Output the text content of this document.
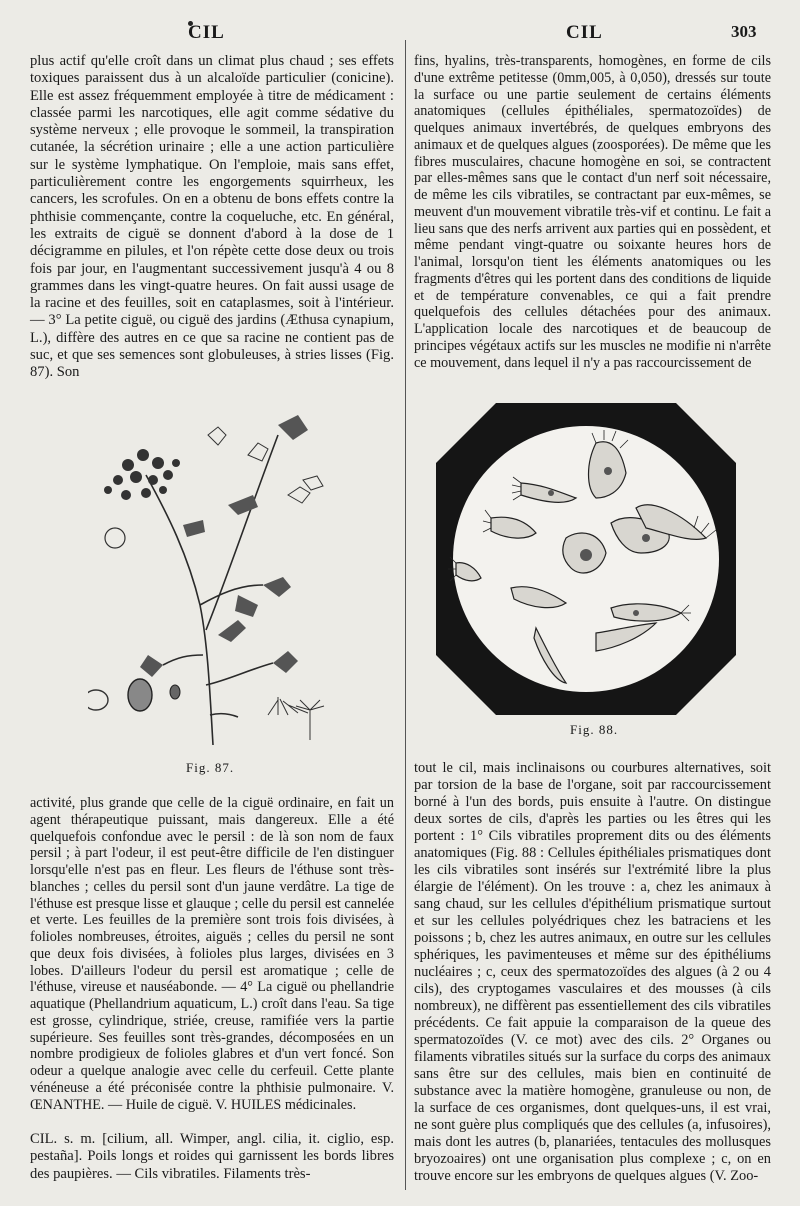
CIL	CIL	303

plus actif qu'elle croît dans un climat plus chaud ; ses effets toxiques paraissent dus à un alcaloïde particulier (conicine). Elle est assez fréquemment employée à titre de médicament : classée parmi les narcotiques, elle agit comme sédative du système nerveux ; elle provoque le sommeil, la transpiration cutanée, la sécrétion urinaire ; elle a une action particulière sur le système lymphatique. On l'emploie, mais sans effet, particulièrement contre les engorgements squirrheux, les cancers, les scrofules. On en a obtenu de bons effets contre la phthisie commençante, contre la coqueluche, etc. En général, les extraits de ciguë se donnent d'abord à la dose de 1 décigramme en pilules, et l'on répète cette dose deux ou trois fois par jour, en l'augmentant successivement jusqu'à 4 ou 8 grammes dans les vingt-quatre heures. On fait aussi usage de la racine et des feuilles, soit en cataplasmes, soit à l'intérieur. — 3° La petite ciguë, ou ciguë des jardins (Æthusa cynapium, L.), diffère des autres en ce que sa racine ne contient pas de suc, et que ses semences sont globuleuses, à stries lisses (Fig. 87). Son

Fig. 87.

activité, plus grande que celle de la ciguë ordinaire, en fait un agent thérapeutique puissant, mais dangereux. Elle a été quelquefois confondue avec le persil : de là son nom de faux persil ; à part l'odeur, il est peut-être difficile de l'en distinguer lorsqu'elle n'est pas en fleur. Les fleurs de l'éthuse sont très-blanches ; celles du persil sont d'un jaune verdâtre. La tige de l'éthuse est presque lisse et glauque ; celle du persil est cannelée et verte. Les feuilles de la première sont trois fois divisées, à folioles nombreuses, étroites, aiguës ; celles du persil ne sont que deux fois divisées, à folioles plus larges, divisées en 3 lobes. D'ailleurs l'odeur du persil est aromatique ; celle de l'éthuse, vireuse et nauséabonde. — 4° La ciguë ou phellandrie aquatique (Phellandrium aquaticum, L.) croît dans l'eau. Sa tige est grosse, cylindrique, striée, creuse, ramifiée vers la partie supérieure. Ses feuilles sont très-grandes, décomposées en un nombre prodigieux de folioles glabres et d'un vert foncé. Son odeur a quelque analogie avec celle du cerfeuil. Cette plante vénéneuse a été préconisée contre la phthisie pulmonaire. V. ŒNANTHE. — Huile de ciguë. V. HUILES médicinales.

CIL. s. m. [cilium, all. Wimper, angl. cilia, it. ciglio, esp. pestaña]. Poils longs et roides qui garnissent les bords libres des paupières. — Cils vibratiles. Filaments très-

fins, hyalins, très-transparents, homogènes, en forme de cils d'une extrême petitesse (0mm,005, à 0,050), dressés sur toute la surface ou une partie seulement de certains éléments anatomiques (cellules épithéliales, spermatozoïdes) de quelques animaux invertébrés, de quelques embryons des animaux et de quelques algues (zoosporées). De même que les fibres musculaires, chacune homogène en soi, se contractent par elles-mêmes sans que le contact d'un nerf soit nécessaire, de même les cils vibratiles, se contractant par eux-mêmes, se meuvent d'un mouvement vibratile très-vif et continu. Le fait a lieu sans que des nerfs arrivent aux parties qui en possèdent, et même pendant vingt-quatre ou soixante heures hors de l'animal, lorsqu'on tient les éléments anatomiques ou les fragments d'êtres qui les portent dans des conditions de liquide et de température convenables, ce qui a fait prendre quelquefois des cellules détachées pour des animaux. L'application locale des narcotiques et de beaucoup de principes végétaux actifs sur les muscles ne modifie ni n'arrête ce mouvement, dans lequel il n'y a pas raccourcissement de

Fig. 88.

tout le cil, mais inclinaisons ou courbures alternatives, soit par torsion de la base de l'organe, soit par raccourcissement borné à l'un des bords, puis ensuite à l'autre. On distingue deux sortes de cils, d'après les parties ou les êtres qui les portent : 1° Cils vibratiles proprement dits ou des éléments anatomiques (Fig. 88 : Cellules épithéliales prismatiques dont les cils vibratiles sont insérés sur l'extrémité libre la plus élargie de l'élément). On les trouve : a, chez les animaux à sang chaud, sur les cellules d'épithélium prismatique surtout et sur les cellules polyédriques chez les batraciens et les poissons ; b, chez les autres animaux, en outre sur les cellules sphériques, les pavimenteuses et même sur des épithéliums nucléaires ; c, ceux des spermatozoïdes des algues (à 2 ou 4 cils), des cryptogames vasculaires et des mousses (à cils nombreux), ne diffèrent pas essentiellement des cils vibratiles précédents. Ce fait appuie la comparaison de la queue des spermatozoïdes (V. ce mot) avec des cils. 2° Organes ou filaments vibratiles situés sur la surface du corps des animaux sans être sur des cellules, mais bien en continuité de substance avec la matière homogène, granuleuse ou non, de la surface de ces organismes, dont quelques-uns, il est vrai, ne sont guère plus compliqués que des cellules (a, infusoires), mais dont les autres (b, planariées, tentacules des mollusques bryozoaires) ont une organisation plus complexe ; c, on en trouve encore sur les embryons de quelques algues (V. Zoo-
